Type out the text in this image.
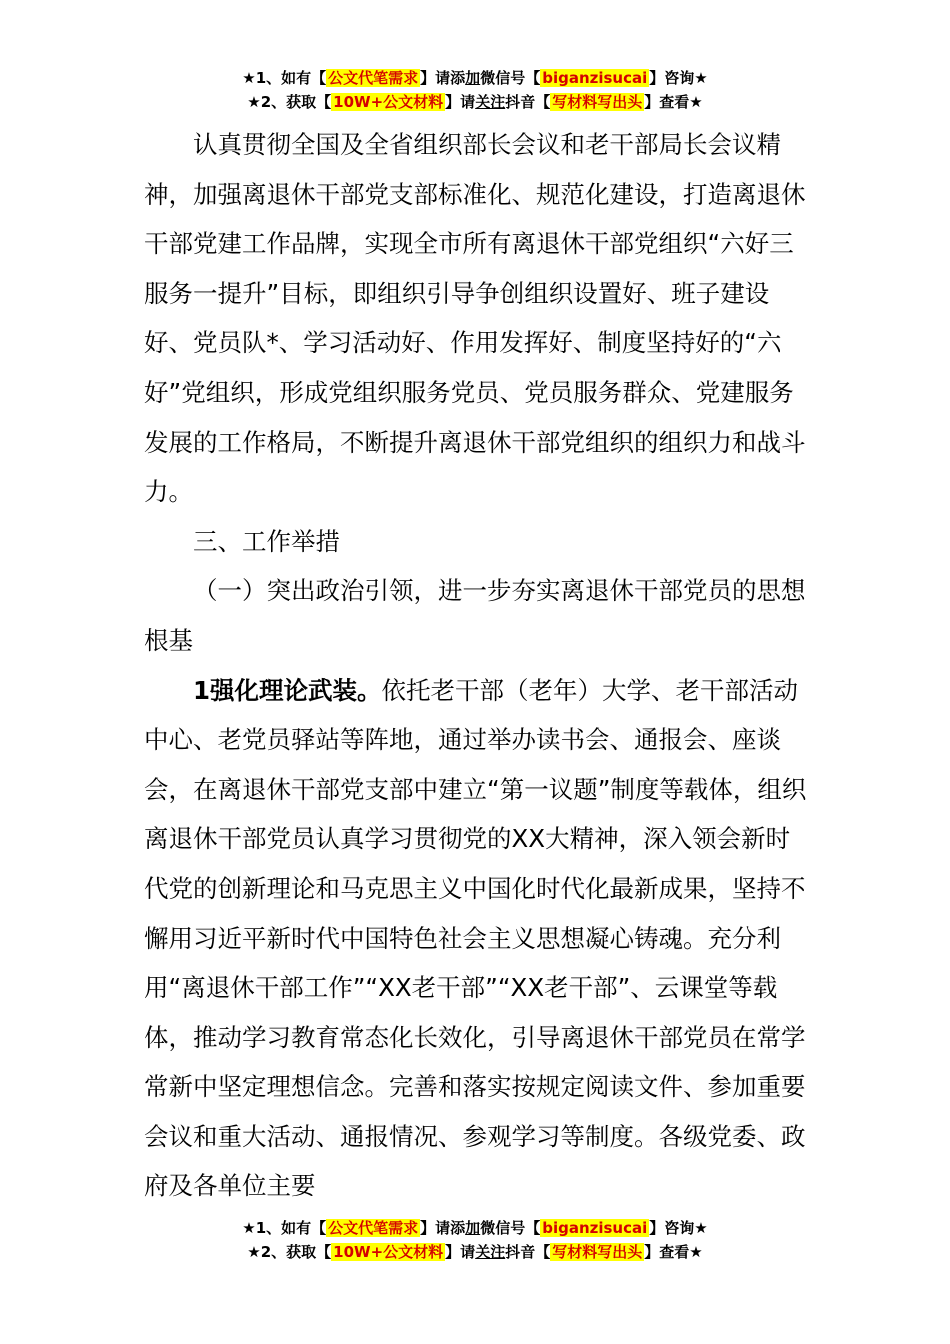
★1、如有【 公文代笔需求 】请添加微信号【 biganzisucai 】咨询★
★2、获取【 10W+公文材料 】请关注抖音【 写材料写出头 】查看★

认真贯彻全国及全省组织部长会议和老干部局长会议精神，加强离退休干部党支部标准化、规范化建设，打造离退休干部党建工作品牌，实现全市所有离退休干部党组织“六好三服务一提升”目标，即组织引导争创组织设置好、班子建设好、党员队*、学习活动好、作用发挥好、制度坚持好的“六好”党组织，形成党组织服务党员、党员服务群众、党建服务发展的工作格局，不断提升离退休干部党组织的组织力和战斗力。

三、工作举措

（一）突出政治引领，进一步夯实离退休干部党员的思想根基

1强化理论武装。依托老干部（老年）大学、老干部活动中心、老党员驿站等阵地，通过举办读书会、通报会、座谈会，在离退休干部党支部中建立“第一议题”制度等载体，组织离退休干部党员认真学习贯彻党的XX大精神，深入领会新时代党的创新理论和马克思主义中国化时代化最新成果，坚持不懈用习近平新时代中国特色社会主义思想凝心铸魂。充分利用“离退休干部工作”“XX老干部”“XX老干部”、云课堂等载体，推动学习教育常态化长效化，引导离退休干部党员在常学常新中坚定理想信念。完善和落实按规定阅读文件、参加重要会议和重大活动、通报情况、参观学习等制度。各级党委、政府及各单位主要

★1、如有【 公文代笔需求 】请添加微信号【 biganzisucai 】咨询★
★2、获取【 10W+公文材料 】请关注抖音【 写材料写出头 】查看★
